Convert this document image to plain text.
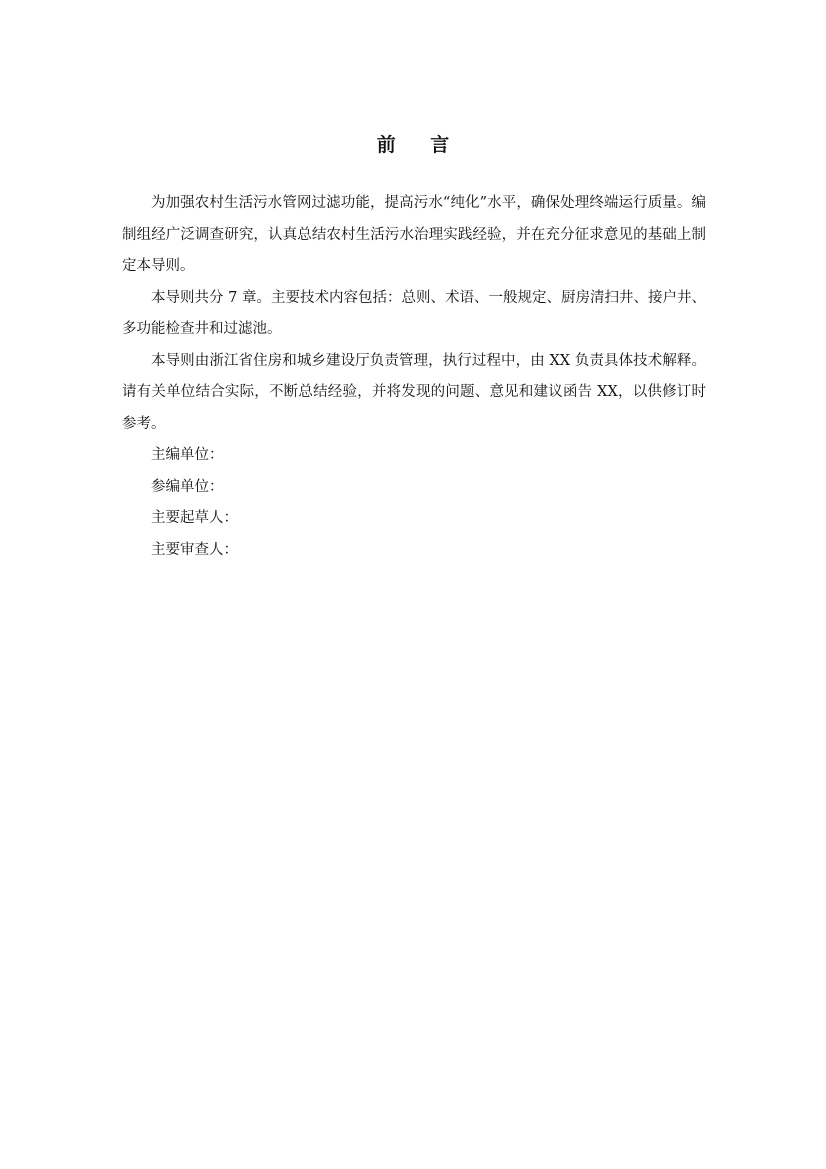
前 言

为加强农村生活污水管网过滤功能，提高污水“纯化”水平，确保处理终端运行质量。编制组经广泛调查研究，认真总结农村生活污水治理实践经验，并在充分征求意见的基础上制定本导则。

本导则共分 7 章。主要技术内容包括：总则、术语、一般规定、厨房清扫井、接户井、多功能检查井和过滤池。

本导则由浙江省住房和城乡建设厅负责管理，执行过程中，由 XX 负责具体技术解释。请有关单位结合实际，不断总结经验，并将发现的问题、意见和建议函告 XX，以供修订时参考。

主编单位：

参编单位：

主要起草人：

主要审查人：
